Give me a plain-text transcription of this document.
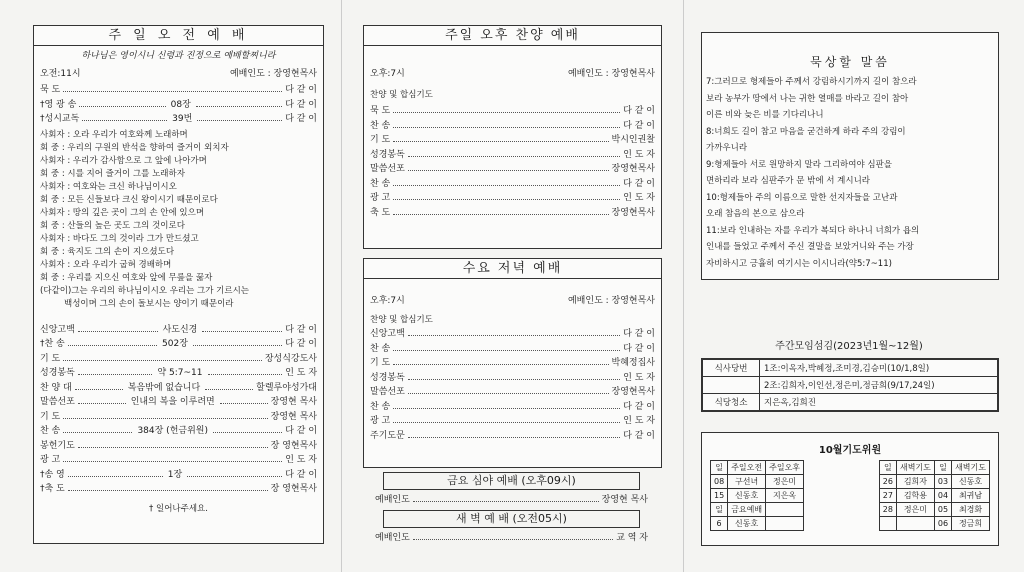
주 일 오 전 예 배
하나님은 영이시니 신령과 진정으로 예배할찌니라
오전:11시	예배인도 : 장영현목사
묵 도	다 같 이
†영 광 송	08장	다 같 이
†성시교독	39번	다 같 이
사회자 : 오라 우리가 여호와께 노래하며
회 중 : 우리의 구원의 반석을 향하여 즐거이 외치자
사회자 : 우리가 감사함으로 그 앞에 나아가며
회 중 : 시를 지어 즐거이 그를 노래하자
사회자 : 여호와는 크신 하나님이시오
회 중 : 모든 신들보다 크신 왕이시기 때문이로다
사회자 : 땅의 깊은 곳이 그의 손 안에 있으며
회 중 : 산들의 높은 곳도 그의 것이로다
사회자 : 바다도 그의 것이라 그가 만드셨고
회 중 : 육지도 그의 손이 지으셨도다
사회자 : 오라 우리가 굽혀 경배하며
회 중 : 우리를 지으신 여호와 앞에 무릎을 꿇자
(다같이)그는 우리의 하나님이시오 우리는 그가 기르시는
백성이며 그의 손이 돌보시는 양이기 때문이라
신앙고백	사도신경	다 같 이
†찬 송	502장	다 같 이
기 도	장성식강도사
성경봉독	약 5:7~11	인 도 자
찬 양 대	복음밖에 없습니다	할렐루야성가대
말씀선포	인내의 복을 이루려면	장영현 목사
기 도	장영현 목사
찬 송	384장 (헌금위원)	다 같 이
봉헌기도	장 영현목사
광 고	인 도 자
†송 영	1장	다 같 이
†축 도	장 영현목사
† 일어나주세요.
주일 오후 찬양 예배
오후:7시	예배인도 : 장영현목사
찬양 및 합심기도
묵 도	다 같 이
찬 송	다 같 이
기 도	박시인권찰
성경봉독	인 도 자
말씀선포	장영현목사
찬 송	다 같 이
광 고	인 도 자
축 도	장영현목사
수요 저녁 예배
오후:7시	예배인도 : 장영현목사
찬양 및 합심기도
신앙고백	다 같 이
찬 송	다 같 이
기 도	박혜정집사
성경봉독	인 도 자
말씀선포	장영현목사
찬 송	다 같 이
광 고	인 도 자
주기도문	다 같 이
금요 심야 예배 (오후09시)
예배인도	장영현 목사
새 벽 예 배 (오전05시)
예배인도	교 역 자
묵상할 말씀
7:그러므로 형제들아 주께서 강림하시기까지 길이 참으라
보라 농부가 땅에서 나는 귀한 열매를 바라고 길이 참아
이른 비와 늦은 비를 기다리나니
8:너희도 길이 참고 마음을 굳건하게 하라 주의 강림이
가까우니라
9:형제들아 서로 원망하지 말라 그리하여야 심판을
면하리라 보라 심판주가 문 밖에 서 계시니라
10:형제들아 주의 이름으로 말한 선지자들을 고난과
오래 참음의 본으로 삼으라
11:보라 인내하는 자를 우리가 복되다 하나니 너희가 욥의
인내를 들었고 주께서 주신 결말을 보았거니와 주는 가장
자비하시고 긍휼히 여기시는 이시니라(약5:7~11)
주간모임섬김(2023년1월~12월)
식사당번	1조:이옥자,박혜정,조미경,김승미(10/1,8일)
	2조:김희자,이인선,정은미,정금희(9/17,24일)
식당청소	지은옥,김희진
10월기도위원
일	주일오전	주일오후
08	구선녀	정은미
15	신동호	지은옥
일	금요예배	
6	신동호	
일	새벽기도	일	새벽기도
26	김희자	03	신동호
27	김학용	04	최귀남
28	정은미	05	최경화
		06	정금희
